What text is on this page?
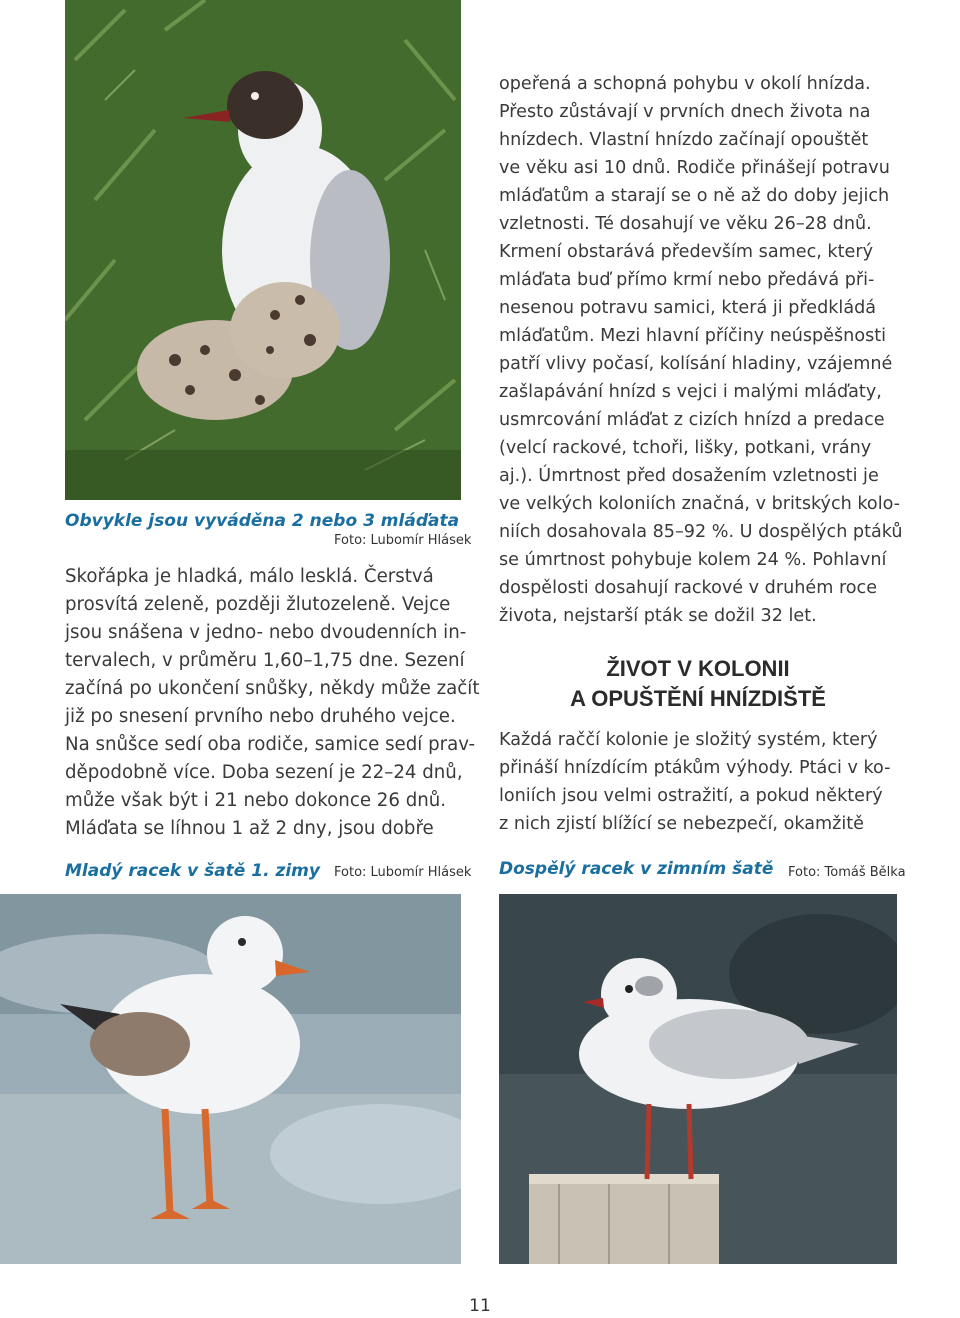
Obvykle jsou vyváděna 2 nebo 3 mláďata
Foto: Lubomír Hlásek
Skořápka je hladká, málo lesklá. Čerstvá
prosvítá zeleně, později žlutozeleně. Vejce
jsou snášena v jedno- nebo dvoudenních in-
tervalech, v průměru 1,60–1,75 dne. Sezení
začíná po ukončení snůšky, někdy může začít
již po snesení prvního nebo druhého vejce.
Na snůšce sedí oba rodiče, samice sedí prav-
děpodobně více. Doba sezení je 22–24 dnů,
může však být i 21 nebo dokonce 26 dnů.
Mláďata se líhnou 1 až 2 dny, jsou dobře
opeřená a schopná pohybu v okolí hnízda.
Přesto zůstávají v prvních dnech života na
hnízdech. Vlastní hnízdo začínají opouštět
ve věku asi 10 dnů. Rodiče přinášejí potravu
mláďatům a starají se o ně až do doby jejich
vzletnosti. Té dosahují ve věku 26–28 dnů.
Krmení obstarává především samec, který
mláďata buď přímo krmí nebo předává při-
nesenou potravu samici, která ji předkládá
mláďatům. Mezi hlavní příčiny neúspěšnosti
patří vlivy počasí, kolísání hladiny, vzájemné
zašlapávání hnízd s vejci i malými mláďaty,
usmrcování mláďat z cizích hnízd a predace
(velcí rackové, tchoři, lišky, potkani, vrány
aj.). Úmrtnost před dosažením vzletnosti je
ve velkých koloniích značná, v britských kolo-
niích dosahovala 85–92 %. U dospělých ptáků
se úmrtnost pohybuje kolem 24 %. Pohlavní
dospělosti dosahují rackové v druhém roce
života, nejstarší pták se dožil 32 let.
ŽIVOT V KOLONII
A OPUŠTĚNÍ HNÍZDIŠTĚ
Každá raččí kolonie je složitý systém, který
přináší hnízdícím ptákům výhody. Ptáci v ko-
loniích jsou velmi ostražití, a pokud některý
z nich zjistí blížící se nebezpečí, okamžitě
Mladý racek v šatě 1. zimy Foto: Lubomír Hlásek Dospělý racek v zimním šatě Foto: Tomáš Bělka
11
